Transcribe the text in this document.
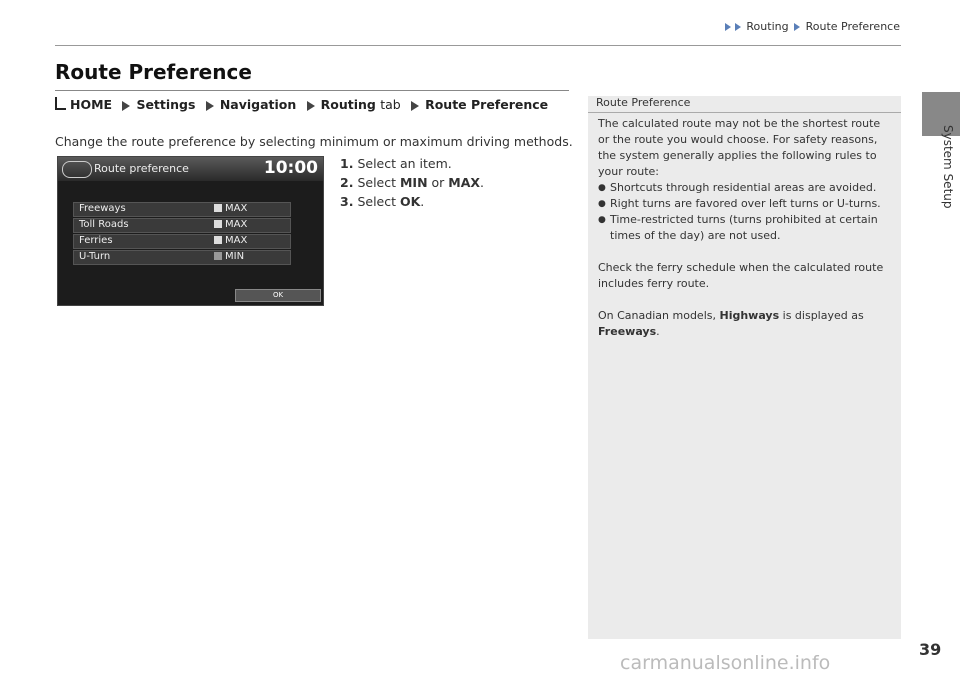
Routing Route Preference
Route Preference
HOME Settings Navigation Routing tab Route Preference
Change the route preference by selecting minimum or maximum driving methods.
Route preference	10:00
Freeways	MAX
Toll Roads	MAX
Ferries	MAX
U-Turn	MIN
OK
1. Select an item.
2. Select MIN or MAX.
3. Select OK.
Route Preference

The calculated route may not be the shortest route or the route you would choose. For safety reasons, the system generally applies the following rules to your route:

● Shortcuts through residential areas are avoided.
● Right turns are favored over left turns or U-turns.
● Time-restricted turns (turns prohibited at certain times of the day) are not used.

Check the ferry schedule when the calculated route includes ferry route.

On Canadian models, Highways is displayed as Freeways.

System Setup
39
carmanualsonline.info
